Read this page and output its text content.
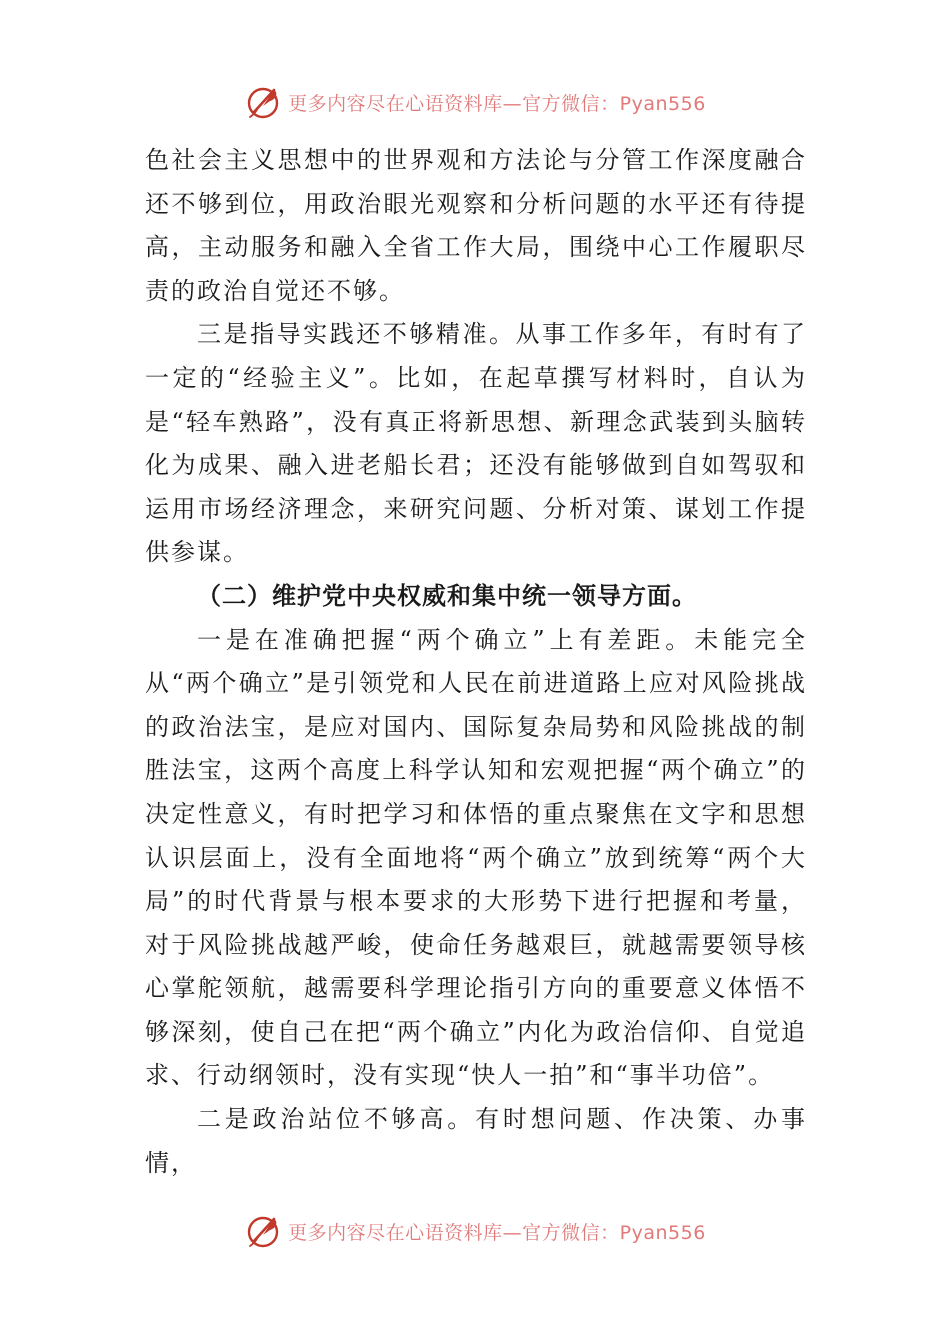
更多内容尽在心语资料库—官方微信：Pyan556

色社会主义思想中的世界观和方法论与分管工作深度融合还不够到位，用政治眼光观察和分析问题的水平还有待提高，主动服务和融入全省工作大局，围绕中心工作履职尽责的政治自觉还不够。

三是指导实践还不够精准。从事工作多年，有时有了一定的“经验主义”。比如，在起草撰写材料时，自认为是“轻车熟路”，没有真正将新思想、新理念武装到头脑转化为成果、融入进老船长君；还没有能够做到自如驾驭和运用市场经济理念，来研究问题、分析对策、谋划工作提供参谋。

（二）维护党中央权威和集中统一领导方面。

一是在准确把握“两个确立”上有差距。未能完全从“两个确立”是引领党和人民在前进道路上应对风险挑战的政治法宝，是应对国内、国际复杂局势和风险挑战的制胜法宝，这两个高度上科学认知和宏观把握“两个确立”的决定性意义，有时把学习和体悟的重点聚焦在文字和思想认识层面上，没有全面地将“两个确立”放到统筹“两个大局”的时代背景与根本要求的大形势下进行把握和考量，对于风险挑战越严峻，使命任务越艰巨，就越需要领导核心掌舵领航，越需要科学理论指引方向的重要意义体悟不够深刻，使自己在把“两个确立”内化为政治信仰、自觉追求、行动纲领时，没有实现“快人一拍”和“事半功倍”。

二是政治站位不够高。有时想问题、作决策、办事情，

更多内容尽在心语资料库—官方微信：Pyan556
